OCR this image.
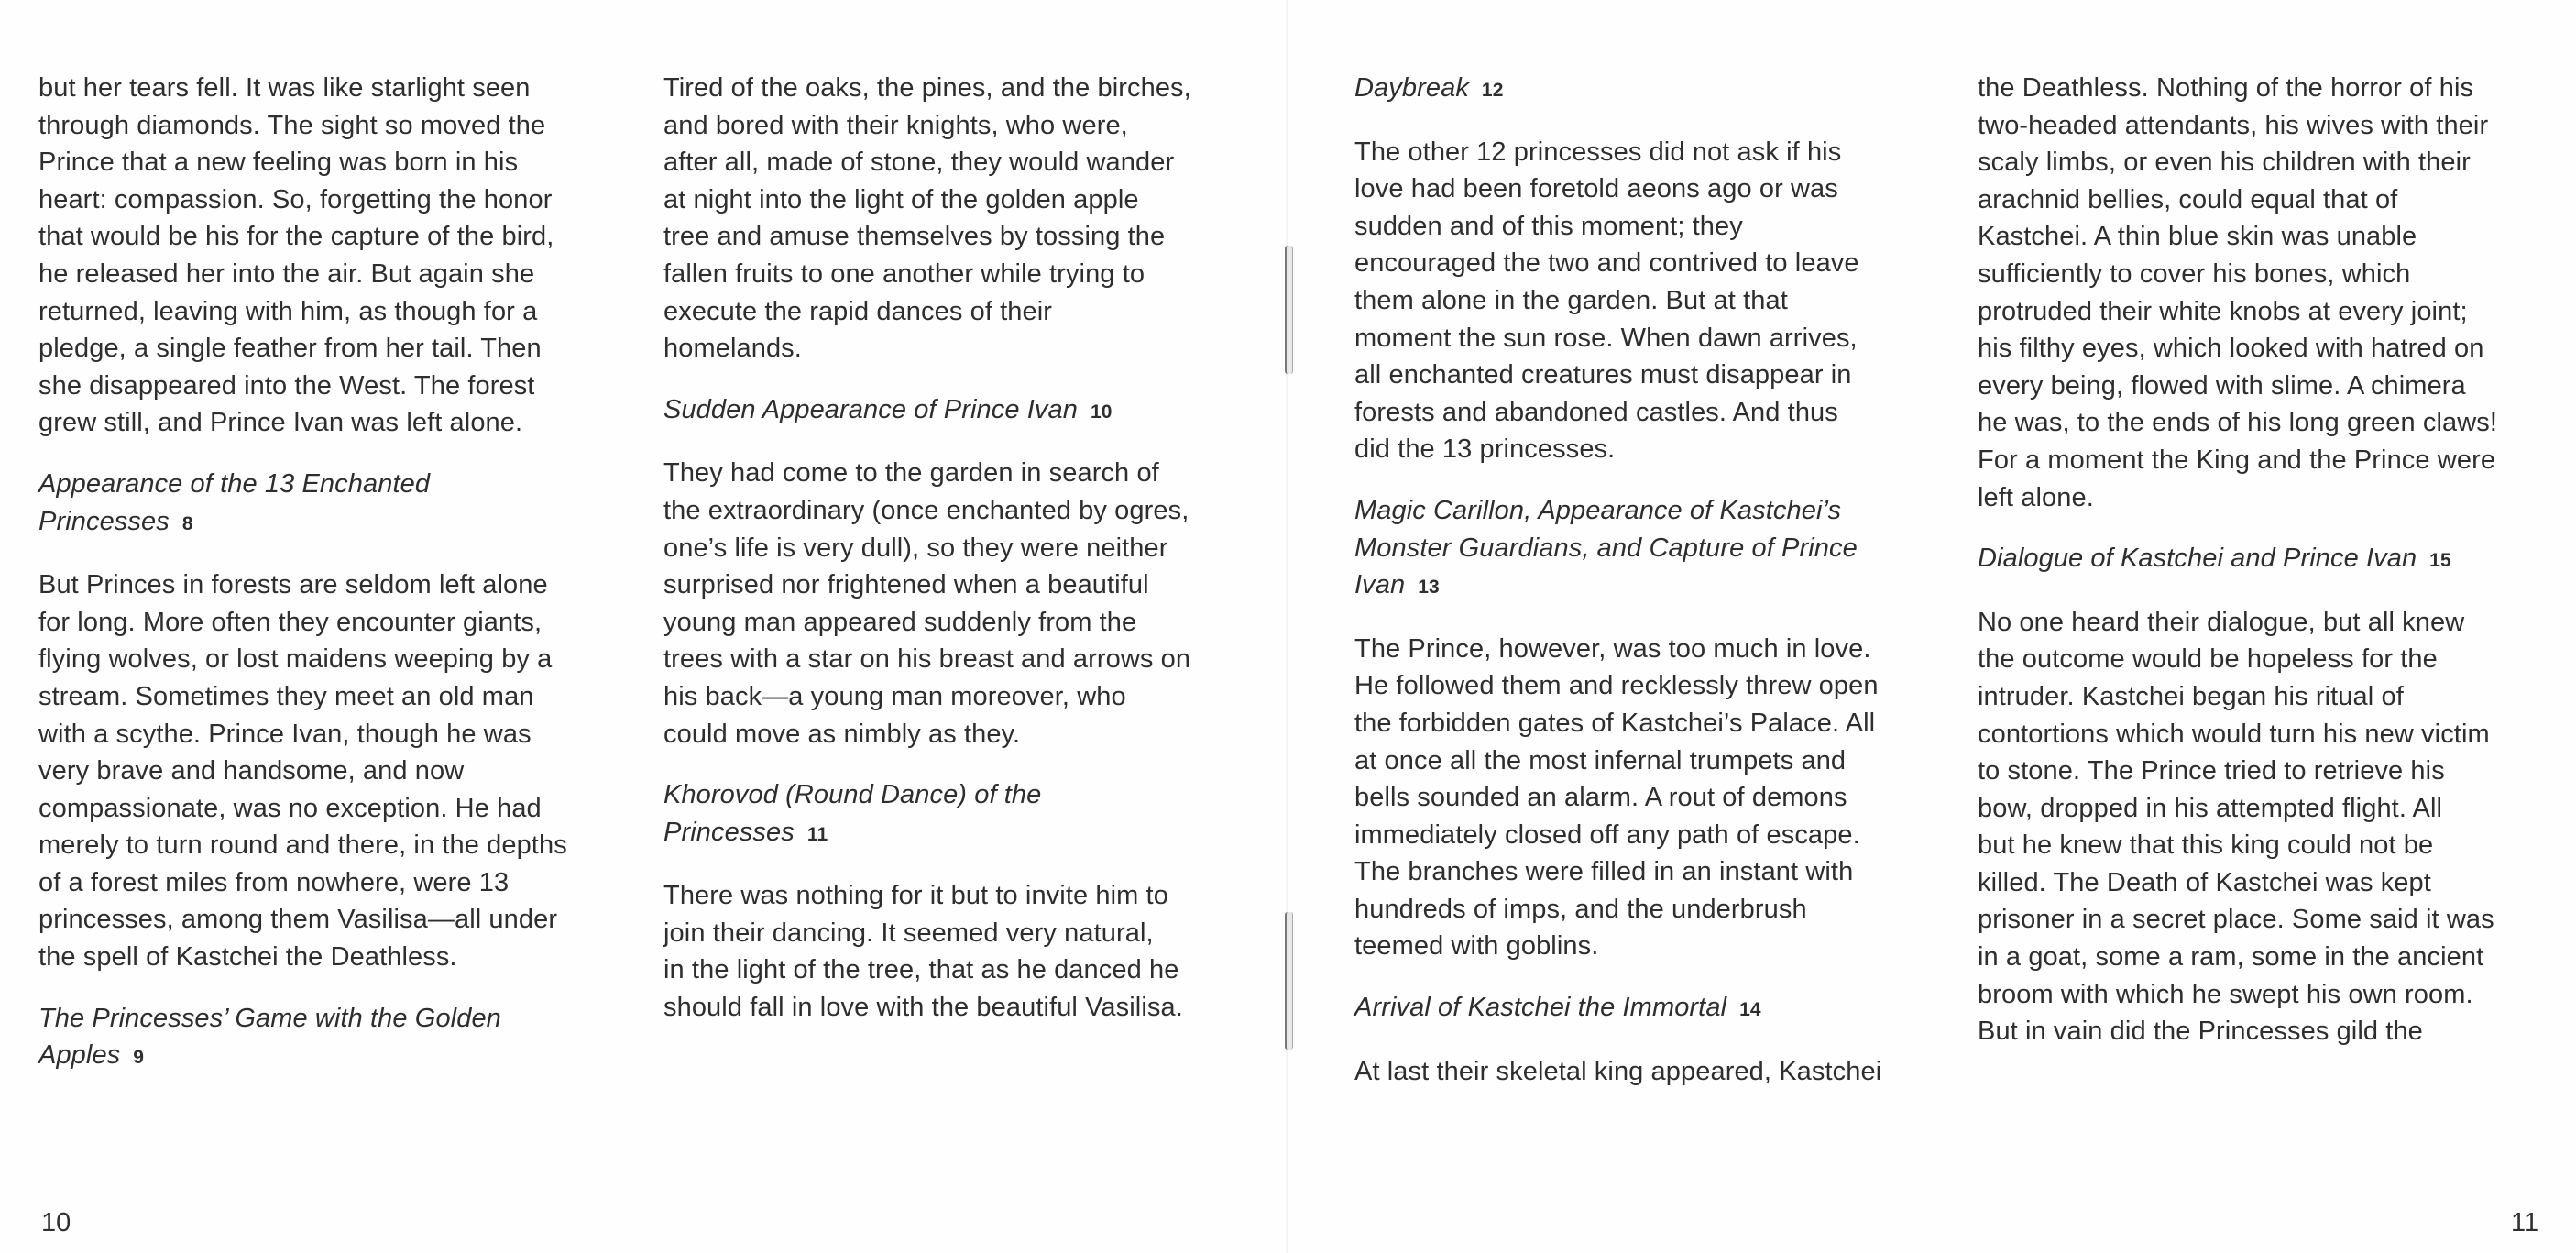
but her tears fell. It was like starlight seen
through diamonds. The sight so moved the
Prince that a new feeling was born in his
heart: compassion. So, forgetting the honor
that would be his for the capture of the bird,
he released her into the air. But again she
returned, leaving with him, as though for a
pledge, a single feather from her tail. Then
she disappeared into the West. The forest
grew still, and Prince Ivan was left alone.
Appearance of the 13 Enchanted
Princesses 8
But Princes in forests are seldom left alone
for long. More often they encounter giants,
flying wolves, or lost maidens weeping by a
stream. Sometimes they meet an old man
with a scythe. Prince Ivan, though he was
very brave and handsome, and now
compassionate, was no exception. He had
merely to turn round and there, in the depths
of a forest miles from nowhere, were 13
princesses, among them Vasilisa—all under
the spell of Kastchei the Deathless.
The Princesses’ Game with the Golden
Apples 9
Tired of the oaks, the pines, and the birches,
and bored with their knights, who were,
after all, made of stone, they would wander
at night into the light of the golden apple
tree and amuse themselves by tossing the
fallen fruits to one another while trying to
execute the rapid dances of their
homelands.
Sudden Appearance of Prince Ivan 10
They had come to the garden in search of
the extraordinary (once enchanted by ogres,
one’s life is very dull), so they were neither
surprised nor frightened when a beautiful
young man appeared suddenly from the
trees with a star on his breast and arrows on
his back—a young man moreover, who
could move as nimbly as they.
Khorovod (Round Dance) of the
Princesses 11
There was nothing for it but to invite him to
join their dancing. It seemed very natural,
in the light of the tree, that as he danced he
should fall in love with the beautiful Vasilisa.
Daybreak 12
The other 12 princesses did not ask if his
love had been foretold aeons ago or was
sudden and of this moment; they
encouraged the two and contrived to leave
them alone in the garden. But at that
moment the sun rose. When dawn arrives,
all enchanted creatures must disappear in
forests and abandoned castles. And thus
did the 13 princesses.
Magic Carillon, Appearance of Kastchei’s
Monster Guardians, and Capture of Prince
Ivan 13
The Prince, however, was too much in love.
He followed them and recklessly threw open
the forbidden gates of Kastchei’s Palace. All
at once all the most infernal trumpets and
bells sounded an alarm. A rout of demons
immediately closed off any path of escape.
The branches were filled in an instant with
hundreds of imps, and the underbrush
teemed with goblins.
Arrival of Kastchei the Immortal 14
At last their skeletal king appeared, Kastchei
the Deathless. Nothing of the horror of his
two-headed attendants, his wives with their
scaly limbs, or even his children with their
arachnid bellies, could equal that of
Kastchei. A thin blue skin was unable
sufficiently to cover his bones, which
protruded their white knobs at every joint;
his filthy eyes, which looked with hatred on
every being, flowed with slime. A chimera
he was, to the ends of his long green claws!
For a moment the King and the Prince were
left alone.
Dialogue of Kastchei and Prince Ivan 15
No one heard their dialogue, but all knew
the outcome would be hopeless for the
intruder. Kastchei began his ritual of
contortions which would turn his new victim
to stone. The Prince tried to retrieve his
bow, dropped in his attempted flight. All
but he knew that this king could not be
killed. The Death of Kastchei was kept
prisoner in a secret place. Some said it was
in a goat, some a ram, some in the ancient
broom with which he swept his own room.
But in vain did the Princesses gild the
10	11
